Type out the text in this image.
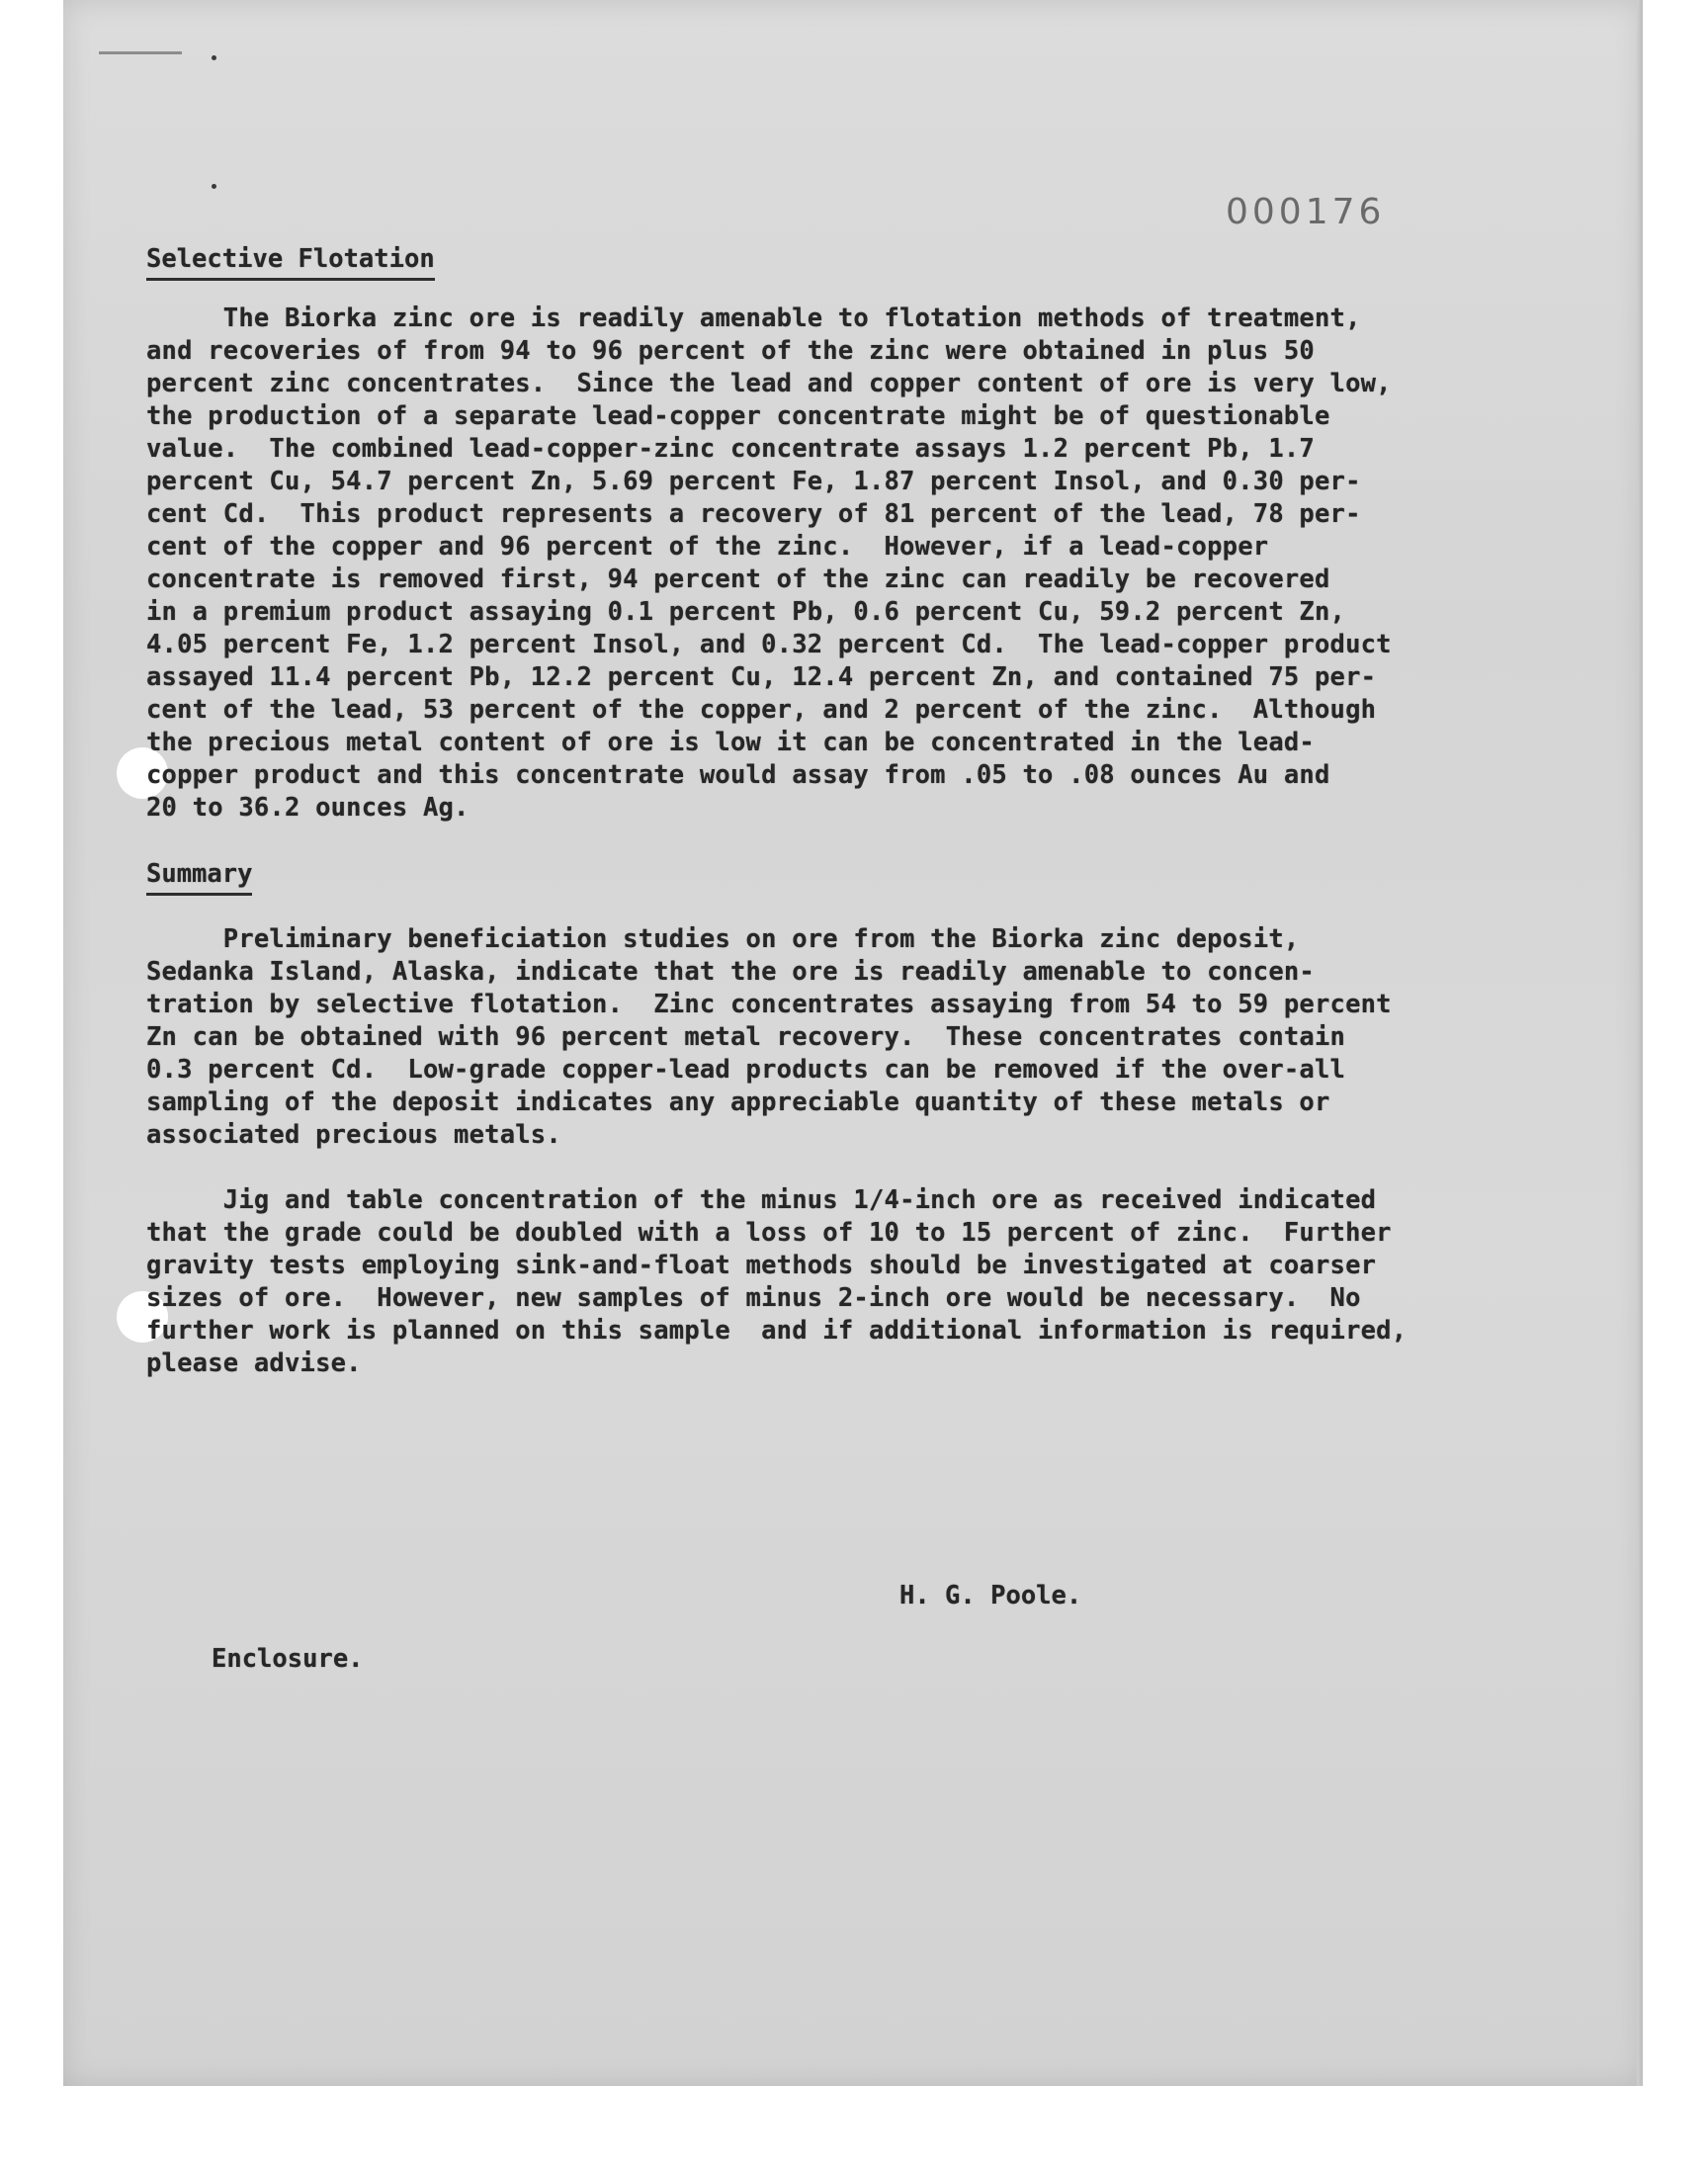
000176
Selective Flotation
The Biorka zinc ore is readily amenable to flotation methods of treatment,
and recoveries of from 94 to 96 percent of the zinc were obtained in plus 50
percent zinc concentrates.  Since the lead and copper content of ore is very low,
the production of a separate lead-copper concentrate might be of questionable
value.  The combined lead-copper-zinc concentrate assays 1.2 percent Pb, 1.7
percent Cu, 54.7 percent Zn, 5.69 percent Fe, 1.87 percent Insol, and 0.30 per-
cent Cd.  This product represents a recovery of 81 percent of the lead, 78 per-
cent of the copper and 96 percent of the zinc.  However, if a lead-copper
concentrate is removed first, 94 percent of the zinc can readily be recovered
in a premium product assaying 0.1 percent Pb, 0.6 percent Cu, 59.2 percent Zn,
4.05 percent Fe, 1.2 percent Insol, and 0.32 percent Cd.  The lead-copper product
assayed 11.4 percent Pb, 12.2 percent Cu, 12.4 percent Zn, and contained 75 per-
cent of the lead, 53 percent of the copper, and 2 percent of the zinc.  Although
the precious metal content of ore is low it can be concentrated in the lead-
copper product and this concentrate would assay from .05 to .08 ounces Au and
20 to 36.2 ounces Ag.
Summary
Preliminary beneficiation studies on ore from the Biorka zinc deposit,
Sedanka Island, Alaska, indicate that the ore is readily amenable to concen-
tration by selective flotation.  Zinc concentrates assaying from 54 to 59 percent
Zn can be obtained with 96 percent metal recovery.  These concentrates contain
0.3 percent Cd.  Low-grade copper-lead products can be removed if the over-all
sampling of the deposit indicates any appreciable quantity of these metals or
associated precious metals.
Jig and table concentration of the minus 1/4-inch ore as received indicated
that the grade could be doubled with a loss of 10 to 15 percent of zinc.  Further
gravity tests employing sink-and-float methods should be investigated at coarser
sizes of ore.  However, new samples of minus 2-inch ore would be necessary.  No
further work is planned on this sample  and if additional information is required,
please advise.
H. G. Poole.
Enclosure.
